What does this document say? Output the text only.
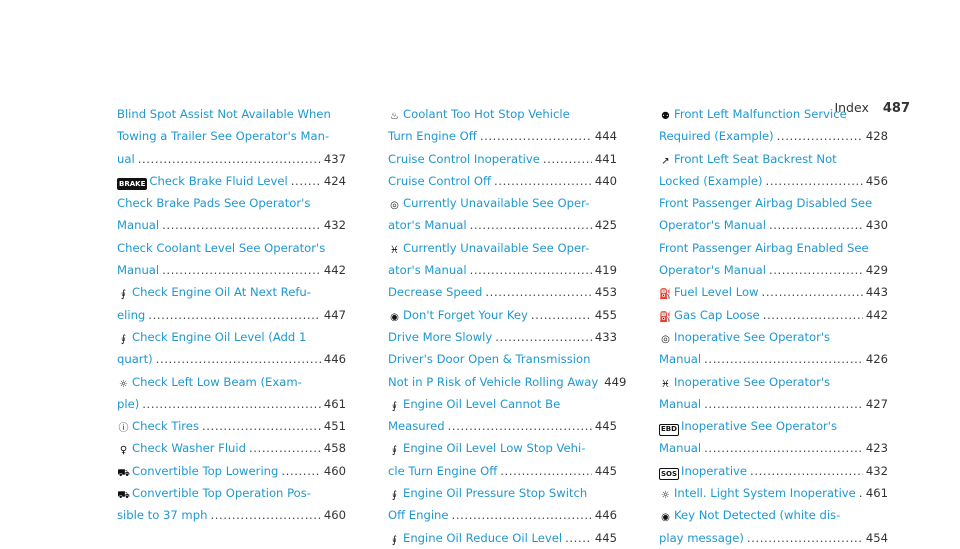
Index 487
Blind Spot Assist Not Available When
Towing a Trailer See Operator's Man-
ual .....	437
BRAKE Check Brake Fluid Level .....	424
Check Brake Pads See Operator's
Manual .....	432
Check Coolant Level See Operator's
Manual .....	442
⨚ Check Engine Oil At Next Refu-
eling .....	447
⨚ Check Engine Oil Level (Add 1
quart) .....	446
☼ Check Left Low Beam (Exam-
ple) .....	461
ⓘ Check Tires .....	451
♀ Check Washer Fluid .....	458
⛟ Convertible Top Lowering .....	460
⛟ Convertible Top Operation Pos-
sible to 37 mph .....	460
♨ Coolant Too Hot Stop Vehicle
Turn Engine Off .....	444
Cruise Control Inoperative .....	441
Cruise Control Off .....	440
◎ Currently Unavailable See Oper-
ator's Manual .....	425
♓ Currently Unavailable See Oper-
ator's Manual .....	419
Decrease Speed .....	453
◉ Don't Forget Your Key .....	455
Drive More Slowly .....	433
Driver's Door Open & Transmission
Not in P Risk of Vehicle Rolling Away 449
⨚ Engine Oil Level Cannot Be
Measured .....	445
⨚ Engine Oil Level Low Stop Vehi-
cle Turn Engine Off .....	445
⨚ Engine Oil Pressure Stop Switch
Off Engine .....	446
⨚ Engine Oil Reduce Oil Level .....	445
⚉ Front Left Malfunction Service
Required (Example) .....	428
↗ Front Left Seat Backrest Not
Locked (Example) .....	456
Front Passenger Airbag Disabled See
Operator's Manual .....	430
Front Passenger Airbag Enabled See
Operator's Manual .....	429
⛽ Fuel Level Low .....	443
⛽ Gas Cap Loose .....	442
◎ Inoperative See Operator's
Manual .....	426
♓ Inoperative See Operator's
Manual .....	427
EBD Inoperative See Operator's
Manual .....	423
SOS Inoperative .....	432
☼ Intell. Light System Inoperative ..... 461
◉ Key Not Detected (white dis-
play message) .....	454
